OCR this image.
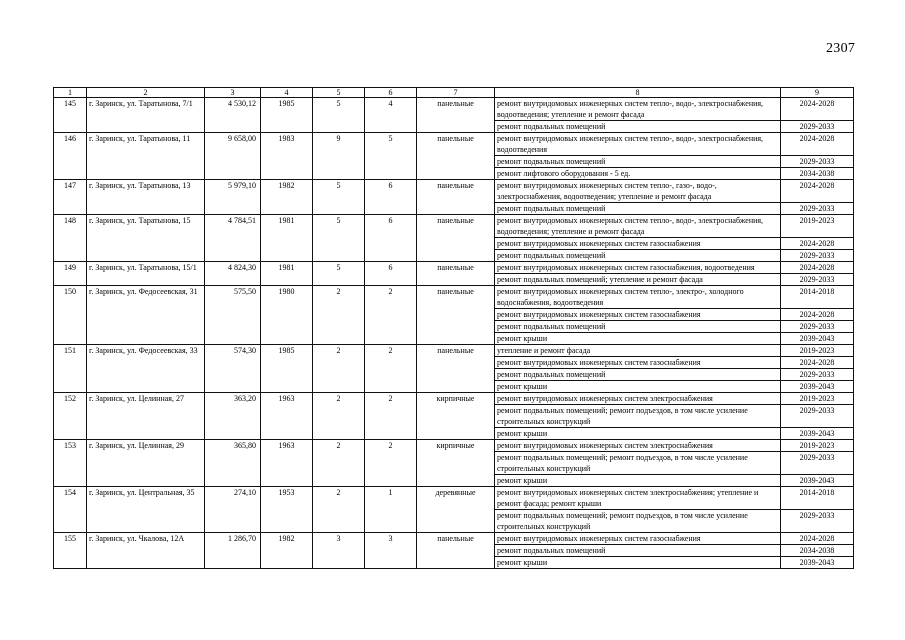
2307
1	2	3	4	5	6	7	8	9
145	г. Заринск, ул. Таратынова, 7/1	4 530,12	1985	5	4	панельные	ремонт внутридомовых инженерных систем тепло-, водо-, электроснабжения, водоотведения; утепление и ремонт фасада	2024-2028
							ремонт подвальных помещений	2029-2033
146	г. Заринск, ул. Таратынова, 11	9 658,00	1983	9	5	панельные	ремонт внутридомовых инженерных систем тепло-, водо-, электроснабжения, водоотведения	2024-2028
							ремонт подвальных помещений	2029-2033
							ремонт лифтового оборудования - 5 ед.	2034-2038
147	г. Заринск, ул. Таратынова, 13	5 979,10	1982	5	6	панельные	ремонт внутридомовых инженерных систем тепло-, газо-, водо-, электроснабжения, водоотведения; утепление и ремонт фасада	2024-2028
							ремонт подвальных помещений	2029-2033
148	г. Заринск, ул. Таратынова, 15	4 784,51	1981	5	6	панельные	ремонт внутридомовых инженерных систем тепло-, водо-, электроснабжения, водоотведения; утепление и ремонт фасада	2019-2023
							ремонт внутридомовых инженерных систем газоснабжения	2024-2028
							ремонт подвальных помещений	2029-2033
149	г. Заринск, ул. Таратынова, 15/1	4 824,30	1981	5	6	панельные	ремонт внутридомовых инженерных систем газоснабжения, водоотведения	2024-2028
							ремонт подвальных помещений; утепление и ремонт фасада	2029-2033
150	г. Заринск, ул. Федосеевская, 31	575,50	1980	2	2	панельные	ремонт внутридомовых инженерных систем тепло-, электро-, холодного водоснабжения, водоотведения	2014-2018
							ремонт внутридомовых инженерных систем газоснабжения	2024-2028
							ремонт подвальных помещений	2029-2033
							ремонт крыши	2039-2043
151	г. Заринск, ул. Федосеевская, 33	574,30	1985	2	2	панельные	утепление и ремонт фасада	2019-2023
							ремонт внутридомовых инженерных систем газоснабжения	2024-2028
							ремонт подвальных помещений	2029-2033
							ремонт крыши	2039-2043
152	г. Заринск, ул. Целинная, 27	363,20	1963	2	2	кирпичные	ремонт внутридомовых инженерных систем электроснабжения	2019-2023
							ремонт подвальных помещений; ремонт подъездов, в том числе усиление строительных конструкций	2029-2033
							ремонт крыши	2039-2043
153	г. Заринск, ул. Целинная, 29	365,80	1963	2	2	кирпичные	ремонт внутридомовых инженерных систем электроснабжения	2019-2023
							ремонт подвальных помещений; ремонт подъездов, в том числе усиление строительных конструкций	2029-2033
							ремонт крыши	2039-2043
154	г. Заринск, ул. Центральная, 35	274,10	1953	2	1	деревянные	ремонт внутридомовых инженерных систем электроснабжения; утепление и ремонт фасада; ремонт крыши	2014-2018
							ремонт подвальных помещений; ремонт подъездов, в том числе усиление строительных конструкций	2029-2033
155	г. Заринск, ул. Чкалова, 12А	1 286,70	1982	3	3	панельные	ремонт внутридомовых инженерных систем газоснабжения	2024-2028
							ремонт подвальных помещений	2034-2038
							ремонт крыши	2039-2043
